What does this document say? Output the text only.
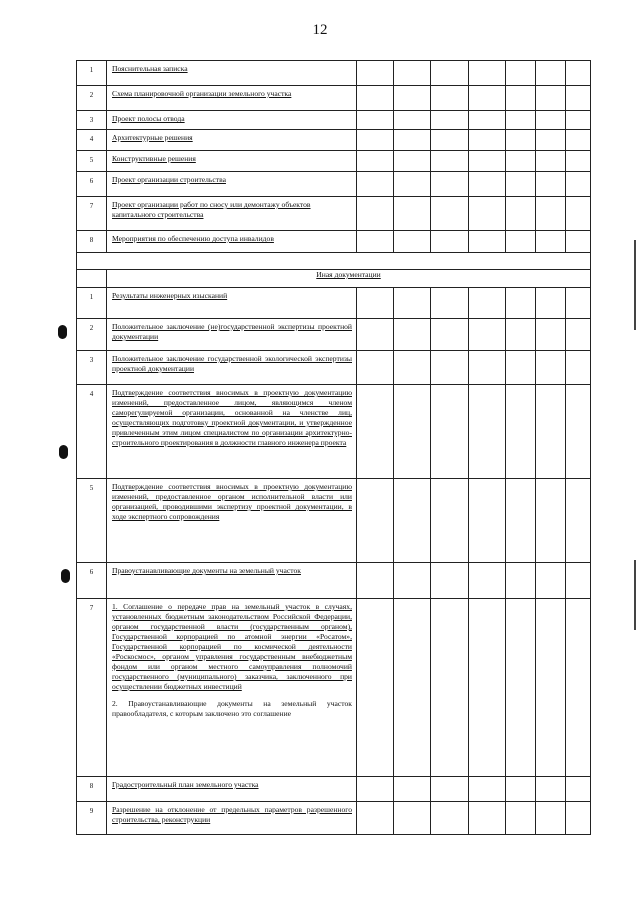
12
1	Пояснительная записка							
2	Схема планировочной организации земельного участка							
3	Проект полосы отвода							
4	Архитектурные решения							
5	Конструктивные решения							
6	Проект организации строительства							
7	Проект организации работ по сносу или демонтажу объектов капитального строительства							
8	Мероприятия по обеспечению доступа инвалидов							

	Иная документации							
1	Результаты инженерных изысканий							
2	Положительное заключение (не)государственной экспертизы проектной документации							
3	Положительное заключение государственной экологической экспертизы проектной документации							
4	Подтверждение соответствия вносимых в проектную документацию изменений, предоставленное лицом, являющимся членом саморегулируемой организации, основанной на членстве лиц, осуществляющих подготовку проектной документации, и утвержденное привлеченным этим лицом специалистом по организации архитектурно-строительного проектирования в должности главного инженера проекта							
5	Подтверждение соответствия вносимых в проектную документацию изменений, предоставленное органом исполнительной власти или организацией, проводившими экспертизу проектной документации, в ходе экспертного сопровождения							
6	Правоустанавливающие документы на земельный участок							
7	1. Соглашение о передаче прав на земельный участок в случаях, установленных бюджетным законодательством Российской Федерации, органом государственной власти (государственным органом), Государственной корпорацией по атомной энергии «Росатом», Государственной корпорацией по космической деятельности «Роскосмос», органом управления государственным внебюджетным фондом или органом местного самоуправления полномочий государственного (муниципального) заказчика, заключенного при осуществлении бюджетных инвестиций
2. Правоустанавливающие документы на земельный участок правообладателя, с которым заключено это соглашение							

8	Градостроительный план земельного участка							
9	Разрешение на отклонение от предельных параметров разрешенного строительства, реконструкции							
